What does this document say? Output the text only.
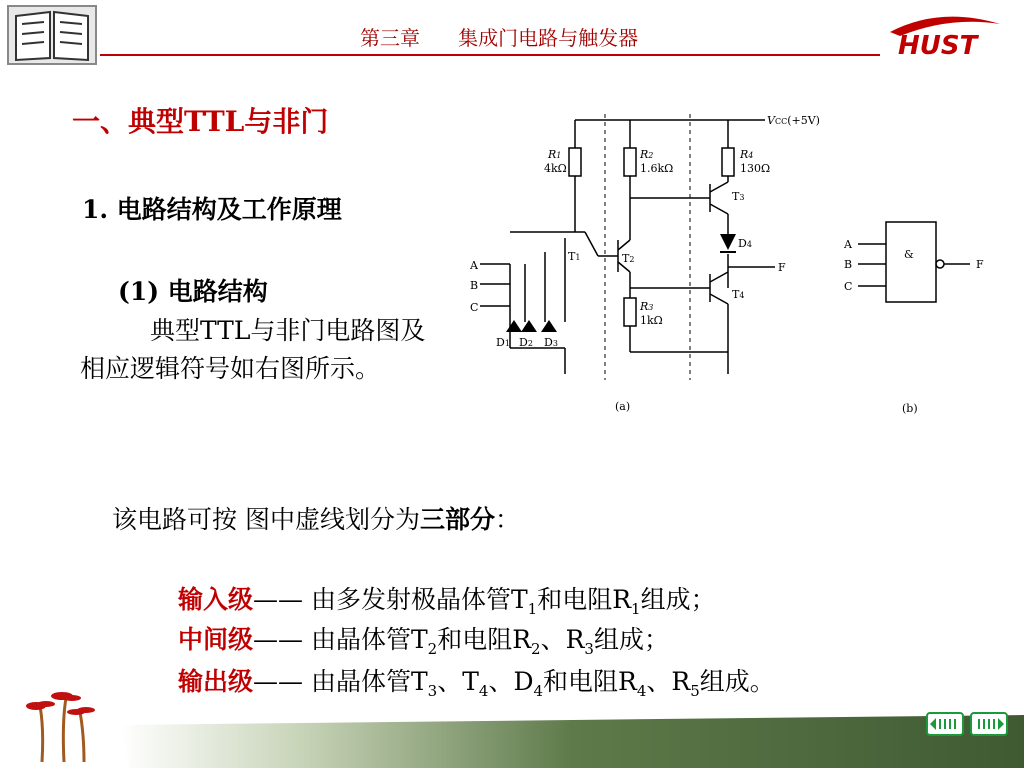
第三章 集成门电路与触发器	HUST
一、典型TTL与非门
1. 电路结构及工作原理
(1) 电路结构
典型TTL与非门电路图及相应逻辑符号如右图所示。
VCC(+5V)
R1
4kΩ
R2
1.6kΩ
R4
130Ω
R3
1kΩ
T1	T2
T3
T4
D4
D1 D2 D3
A
B
C
F
(a)
&
A
B
C
F
(b)
该电路可按 图中虚线划分为三部分：
输入级—— 由多发射极晶体管$T_1$和电阻$R_1$组成；
中间级—— 由晶体管$T_2$和电阻$R_2$、$R_3$组成；
输出级—— 由晶体管$T_3$、$T_4$、$D_4$和电阻$R_4$、$R_5$组成。
